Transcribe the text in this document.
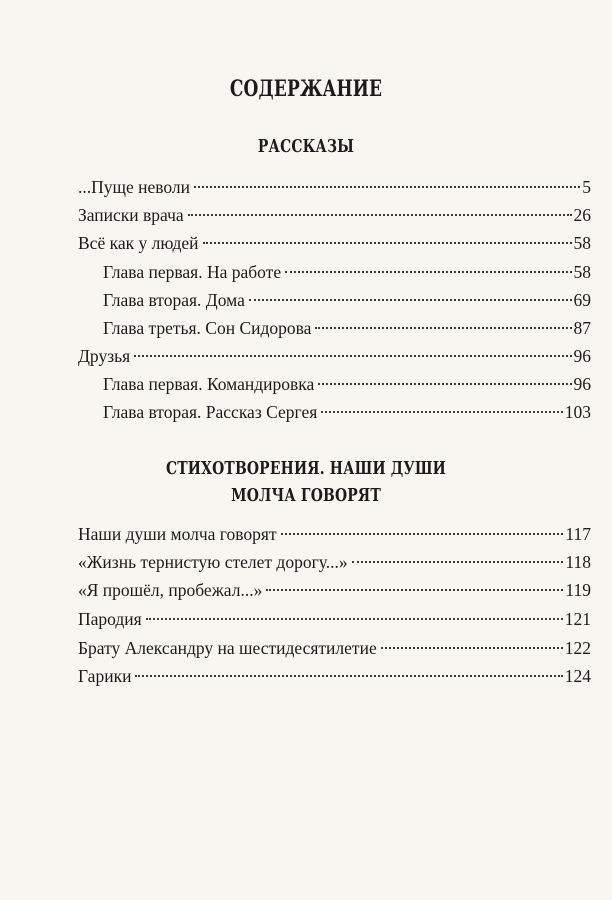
СОДЕРЖАНИЕ
РАССКАЗЫ
...Пуще неволи	5
Записки врача	26
Всё как у людей	58
Глава первая. На работе	58
Глава вторая. Дома	69
Глава третья. Сон Сидорова	87
Друзья	96
Глава первая. Командировка	96
Глава вторая. Рассказ Сергея	103
СТИХОТВОРЕНИЯ. НАШИ ДУШИ
МОЛЧА ГОВОРЯТ
Наши души молча говорят	117
«Жизнь тернистую стелет дорогу...»	118
«Я прошёл, пробежал...»	119
Пародия	121
Брату Александру на шестидесятилетие	122
Гарики	124
